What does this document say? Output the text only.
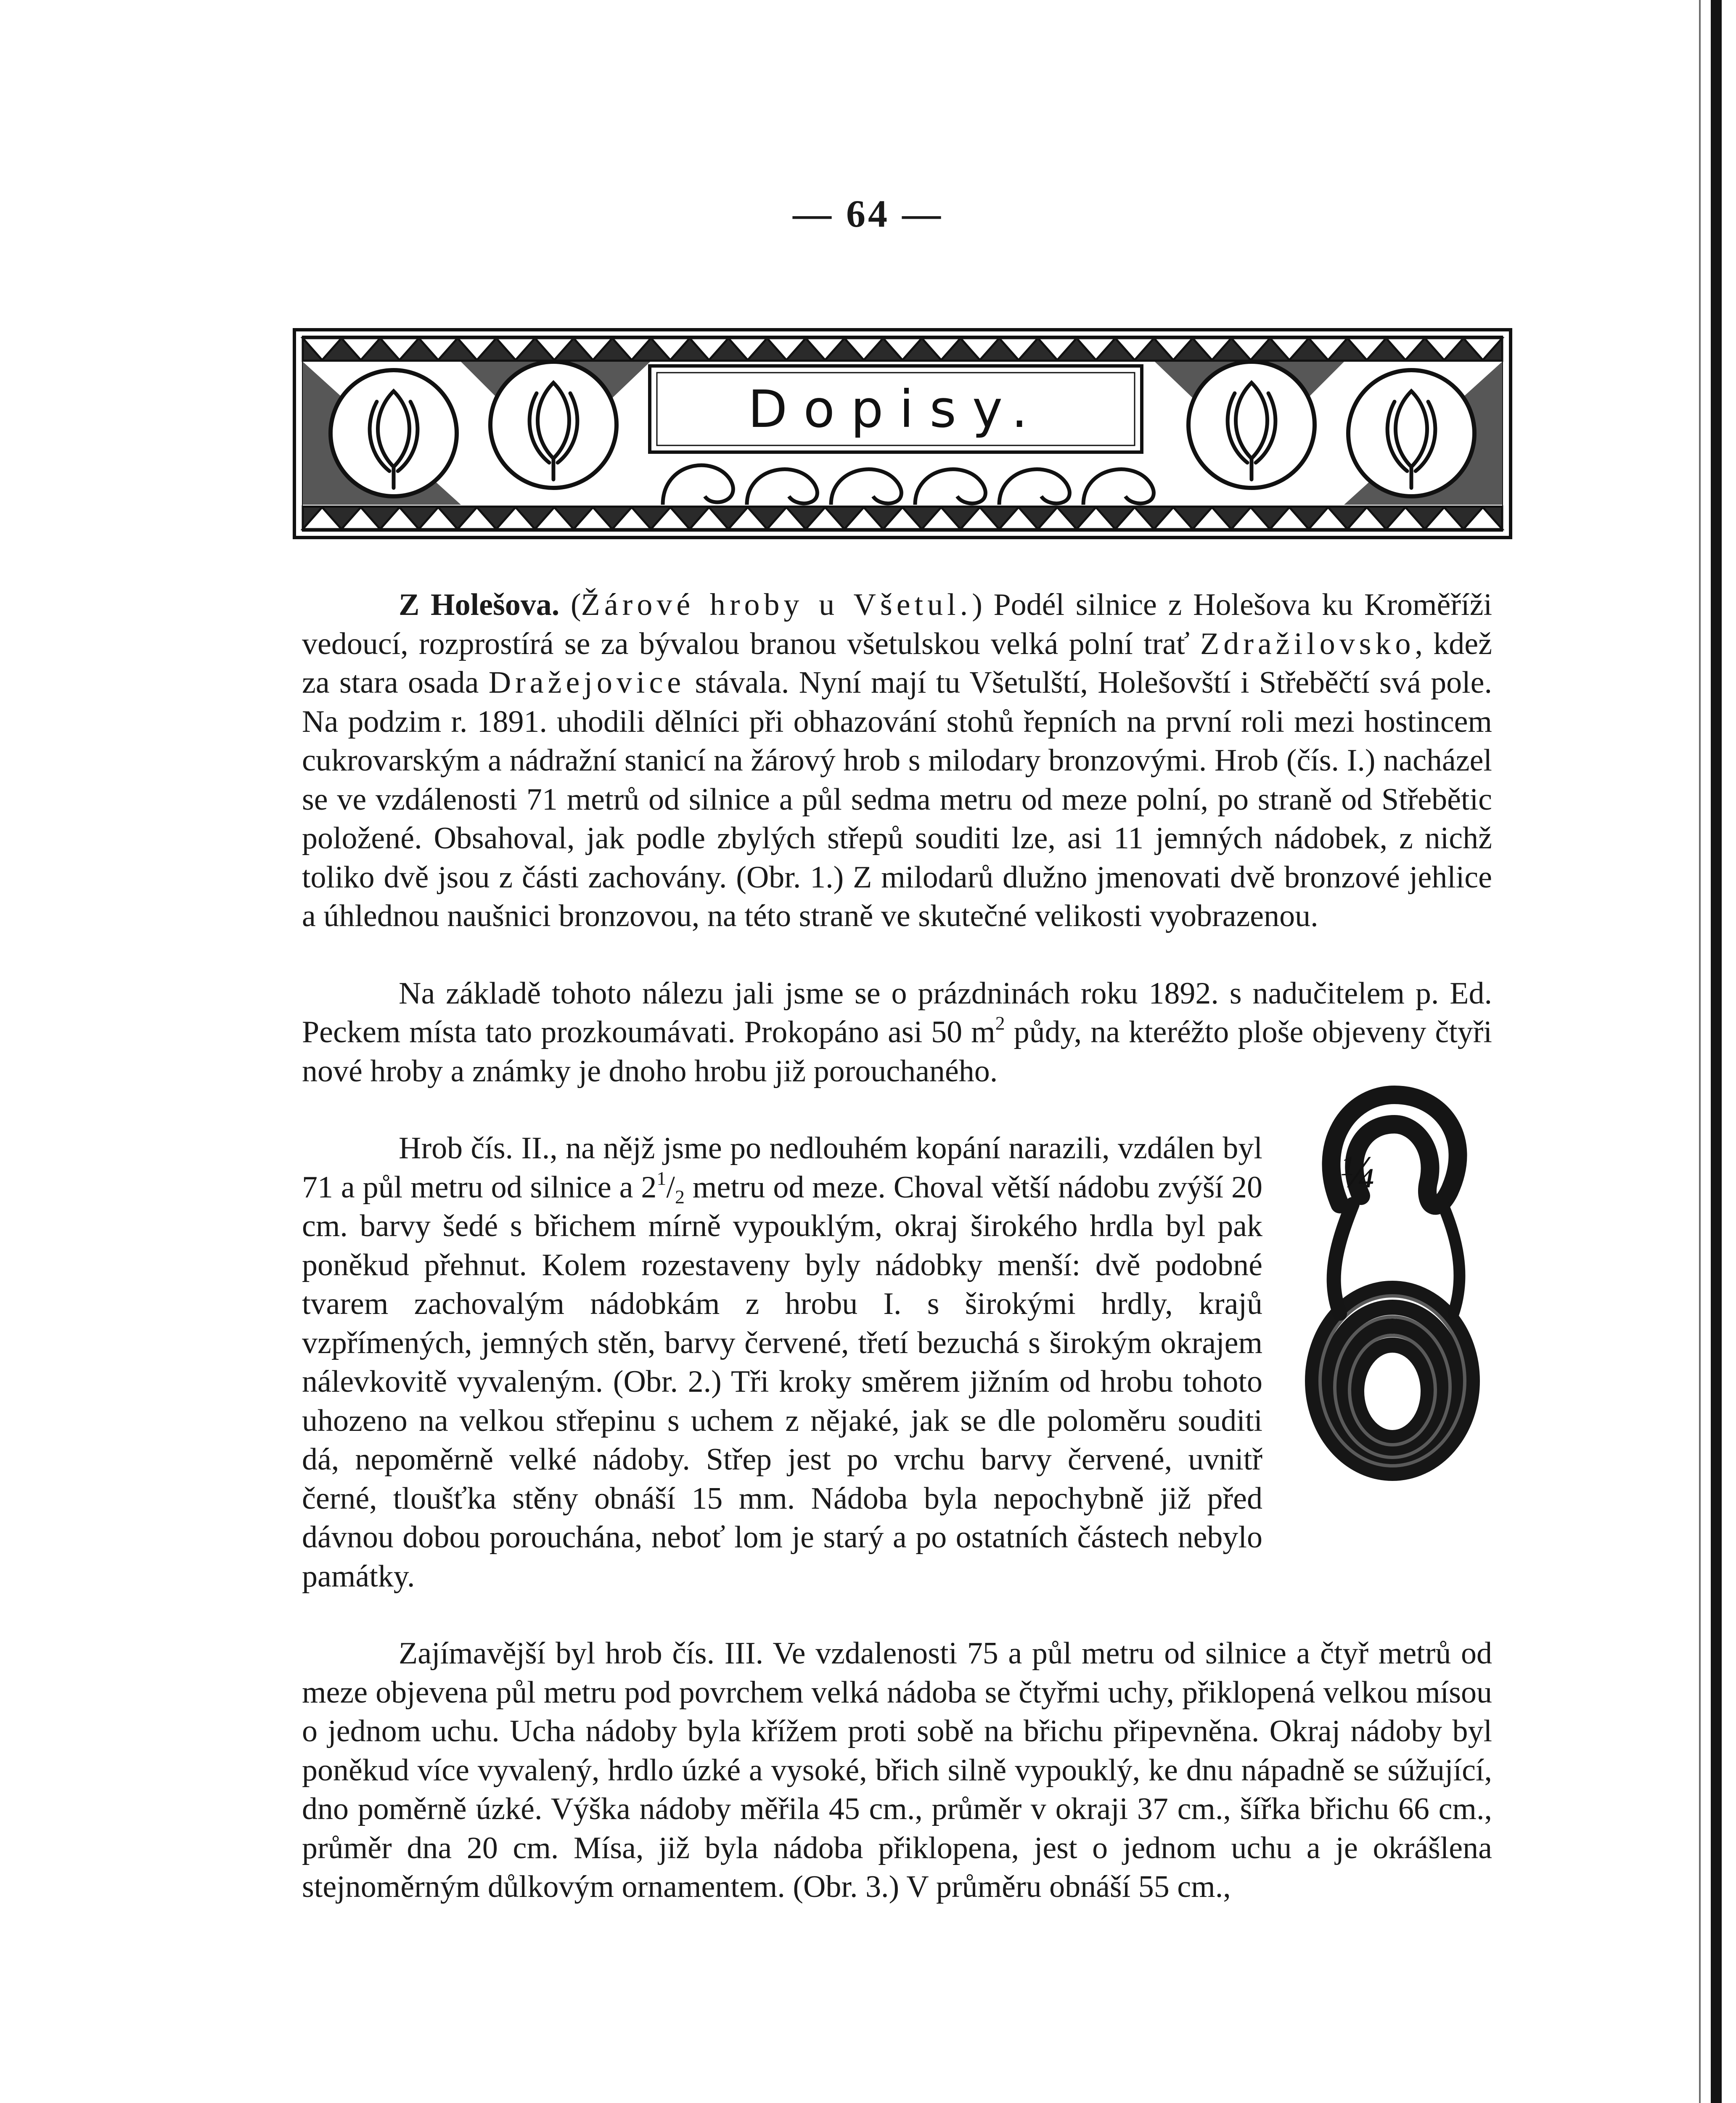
— 64 —
Dopisy.

Z Holešova. (Žárové hroby u Všetul.) Podél silnice z Holešova ku Kroměříži vedoucí, rozprostírá se za bývalou branou všetulskou velká polní trať Zdražilovsko, kdež za stara osada Dražejovice stávala. Nyní mají tu Všetulští, Holešovští i Střeběčtí svá pole. Na podzim r. 1891. uhodili dělníci při obhazování stohů řepních na první roli mezi hostincem cukrovarským a nádražní stanicí na žárový hrob s milodary bronzovými. Hrob (čís. I.) nacházel se ve vzdálenosti 71 metrů od silnice a půl sedma metru od meze polní, po straně od Střebětic položené. Obsahoval, jak podle zbylých střepů souditi lze, asi 11 jemných nádobek, z nichž toliko dvě jsou z části zachovány. (Obr. 1.) Z milodarů dlužno jmenovati dvě bronzové jehlice a úhlednou naušnici bronzovou, na této straně ve skutečné velikosti vyobrazenou.

Na základě tohoto nálezu jali jsme se o prázdninách roku 1892. s nadučitelem p. Ed. Peckem místa tato prozkoumávati. Prokopáno asi 50 $m^2$ půdy, na kteréžto ploše objeveny čtyři nové hroby a známky je dnoho hrobu již porouchaného.

¼

Hrob čís. II., na nějž jsme po nedlouhém kopání narazili, vzdálen byl 71 a půl metru od silnice a $2^1/_2$ metru od meze. Choval větší nádobu zvýší 20 cm. barvy šedé s břichem mírně vypouklým, okraj širokého hrdla byl pak poněkud přehnut. Kolem rozestaveny byly nádobky menší: dvě podobné tvarem zachovalým nádobkám z hrobu I. s širokými hrdly, krajů vzpřímených, jemných stěn, barvy červené, třetí bezuchá s širokým okrajem nálevkovitě vyvaleným. (Obr. 2.) Tři kroky směrem jižním od hrobu tohoto uhozeno na velkou střepinu s uchem z nějaké, jak se dle poloměru souditi dá, nepoměrně velké nádoby. Střep jest po vrchu barvy červené, uvnitř černé, tloušťka stěny obnáší 15 mm. Nádoba byla nepochybně již před dávnou dobou porouchána, neboť lom je starý a po ostatních částech nebylo památky.

Zajímavější byl hrob čís. III. Ve vzdalenosti 75 a půl metru od silnice a čtyř metrů od meze objevena půl metru pod povrchem velká nádoba se čtyřmi uchy, přiklopená velkou mísou o jednom uchu. Ucha nádoby byla křížem proti sobě na břichu připevněna. Okraj nádoby byl poněkud více vyvalený, hrdlo úzké a vysoké, břich silně vypouklý, ke dnu nápadně se súžující, dno poměrně úzké. Výška nádoby měřila 45 cm., průměr v okraji 37 cm., šířka břichu 66 cm., průměr dna 20 cm. Mísa, již byla nádoba přiklopena, jest o jednom uchu a je okrášlena stejnoměrným důlkovým ornamentem. (Obr. 3.) V průměru obnáší 55 cm.,
